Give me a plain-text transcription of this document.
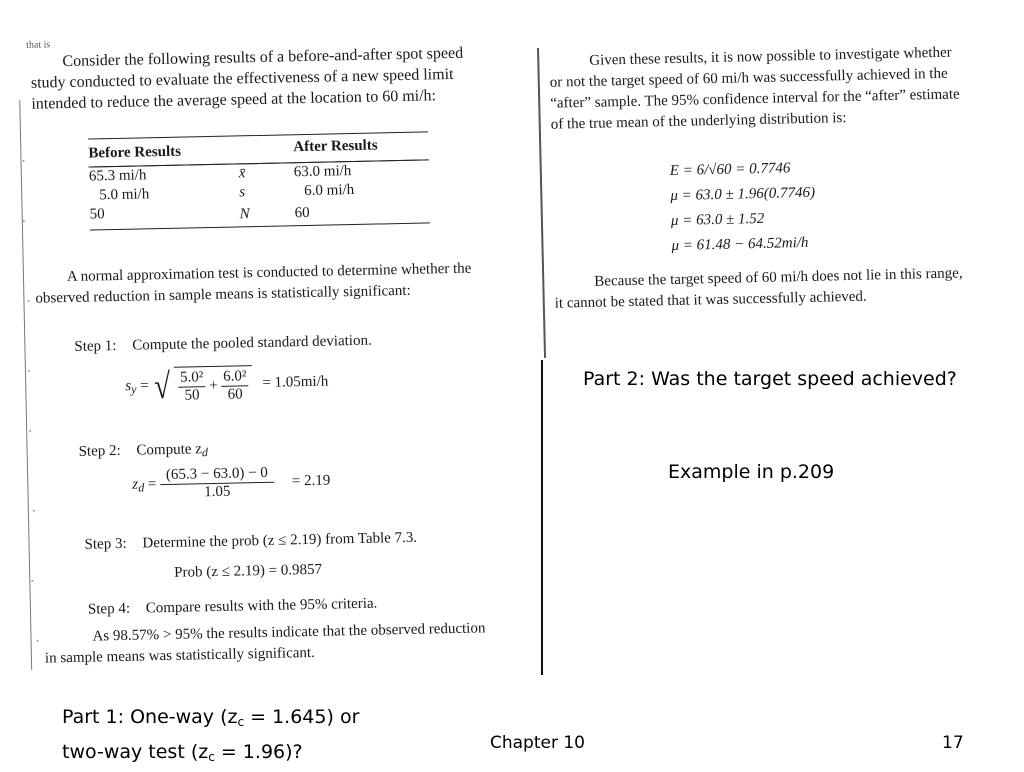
that is Consider the following results of a before-and-after spot speed study conducted to evaluate the effectiveness of a new speed limit intended to reduce the average speed at the location to 60 mi/h:

Before Results		After Results
65.3 mi/h	x̄	63.0 mi/h
5.0 mi/h	s	6.0 mi/h
50	N	60

A normal approximation test is conducted to determine whether the observed reduction in sample means is statistically significant:

Step 1: Compute the pooled standard deviation.
$s_y$ = √ $\frac{\text{5.0²}}{50} + \frac{\text{6.0²}}{60} = 1.05mi/h$
Step 2: Compute $z_d$
$z_d = \frac{(65.3 - 63.0) - 0}{1.05} = 2.19$
Step 3: Determine the prob (z ≤ 2.19) from Table 7.3.
Prob (z ≤ 2.19) = 0.9857
Step 4: Compare results with the 95% criteria.

As 98.57% > 95% the results indicate that the observed reduction in sample means was statistically significant.

Given these results, it is now possible to investigate whether or not the target speed of 60 mi/h was successfully achieved in the “after” sample. The 95% confidence interval for the “after” estimate of the true mean of the underlying distribution is:

E = 6/√60 = 0.7746
μ = 63.0 ± 1.96(0.7746)
μ = 63.0 ± 1.52
μ = 61.48 − 64.52mi/h

Because the target speed of 60 mi/h does not lie in this range, it cannot be stated that it was successfully achieved.

Part 2: Was the target speed achieved?
Example in p.209
Part 1: One-way $(z_c = 1.645)$ or
two-way test $(z_c = 1.96)$?	Chapter 10	17
